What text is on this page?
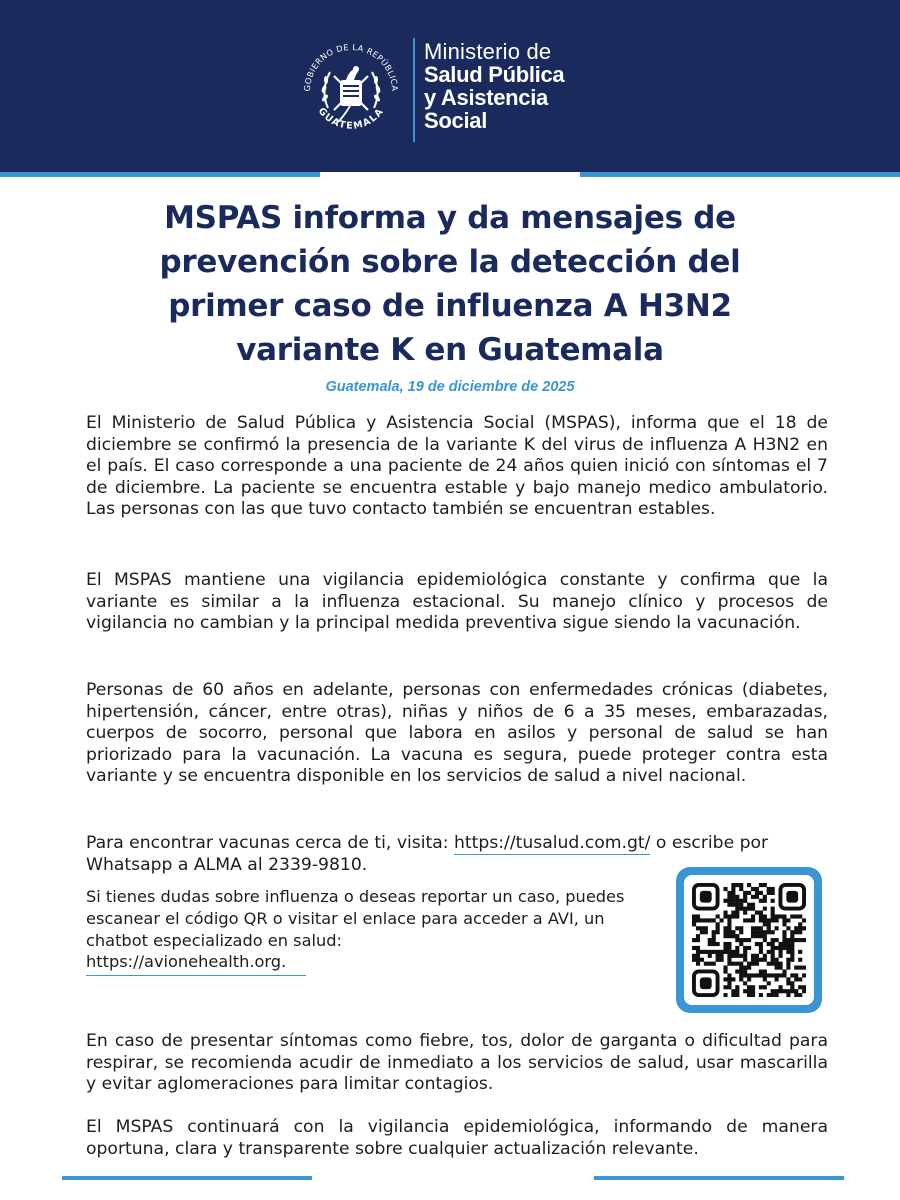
GOBIERNO DE LA REPÚBLICA
GUATEMALA
Ministerio de
Salud Pública
y Asistencia
Social
MSPAS informa y da mensajes de
prevención sobre la detección del
primer caso de influenza A H3N2
variante K en Guatemala
Guatemala, 19 de diciembre de 2025

El Ministerio de Salud Pública y Asistencia Social (MSPAS), informa que el 18 de diciembre se confirmó la presencia de la variante K del virus de influenza A H3N2 en el país. El caso corresponde a una paciente de 24 años quien inició con síntomas el 7 de diciembre. La paciente se encuentra estable y bajo manejo medico ambulatorio. Las personas con las que tuvo contacto también se encuentran estables.

El MSPAS mantiene una vigilancia epidemiológica constante y confirma que la variante es similar a la influenza estacional. Su manejo clínico y procesos de vigilancia no cambian y la principal medida preventiva sigue siendo la vacunación.

Personas de 60 años en adelante, personas con enfermedades crónicas (diabetes, hipertensión, cáncer, entre otras), niñas y niños de 6 a 35 meses, embarazadas, cuerpos de socorro, personal que labora en asilos y personal de salud se han priorizado para la vacunación. La vacuna es segura, puede proteger contra esta variante y se encuentra disponible en los servicios de salud a nivel nacional.

Para encontrar vacunas cerca de ti, visita: https://tusalud.com.gt/ o escribe por Whatsapp a ALMA al 2339-9810.

Si tienes dudas sobre influenza o deseas reportar un caso, puedes escanear el código QR o visitar el enlace para acceder a AVI, un chatbot especializado en salud:
https://avionehealth.org.

En caso de presentar síntomas como fiebre, tos, dolor de garganta o dificultad para respirar, se recomienda acudir de inmediato a los servicios de salud, usar mascarilla y evitar aglomeraciones para limitar contagios.

El MSPAS continuará con la vigilancia epidemiológica, informando de manera oportuna, clara y transparente sobre cualquier actualización relevante.
